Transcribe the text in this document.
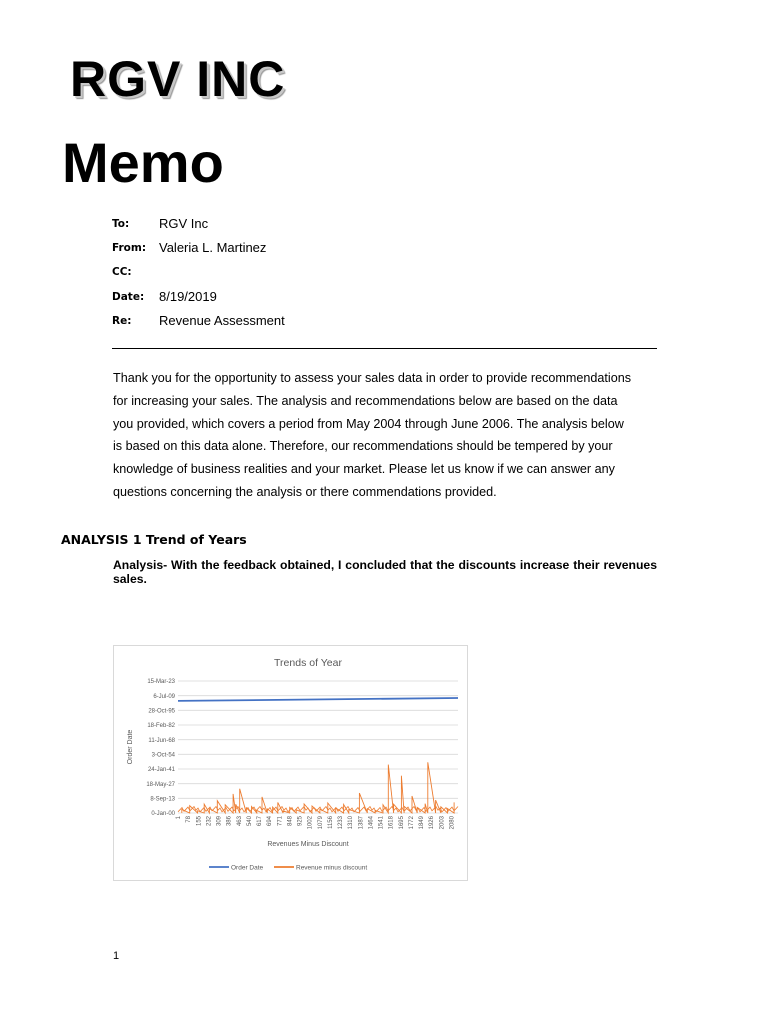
RGV INC
Memo
To: RGV Inc
From: Valeria L. Martinez
CC:
Date: 8/19/2019
Re: Revenue Assessment
Thank you for the opportunity to assess your sales data in order to provide recommendations for increasing your sales. The analysis and recommendations below are based on the data you provided, which covers a period from May 2004 through June 2006. The analysis below is based on this data alone. Therefore, our recommendations should be tempered by your knowledge of business realities and your market. Please let us know if we can answer any questions concerning the analysis or there commendations provided.
ANALYSIS 1 Trend of Years
Analysis- With the feedback obtained, I concluded that the discounts increase their revenues sales.
Trends of Year
0-Jan-00
8-Sep-13
18-May-27
24-Jan-41
3-Oct-54
11-Jun-68
18-Feb-82
28-Oct-95
6-Jul-09
15-Mar-23
Order Date
1 78 155 232 309 386 463 540 617 694 771 848 925 1002 1079 1156 1233 1310 1387 1464 1541 1618 1695 1772 1849 1926 2003 2080
Revenues Minus Discount
Order Date	Revenue minus discount
1
